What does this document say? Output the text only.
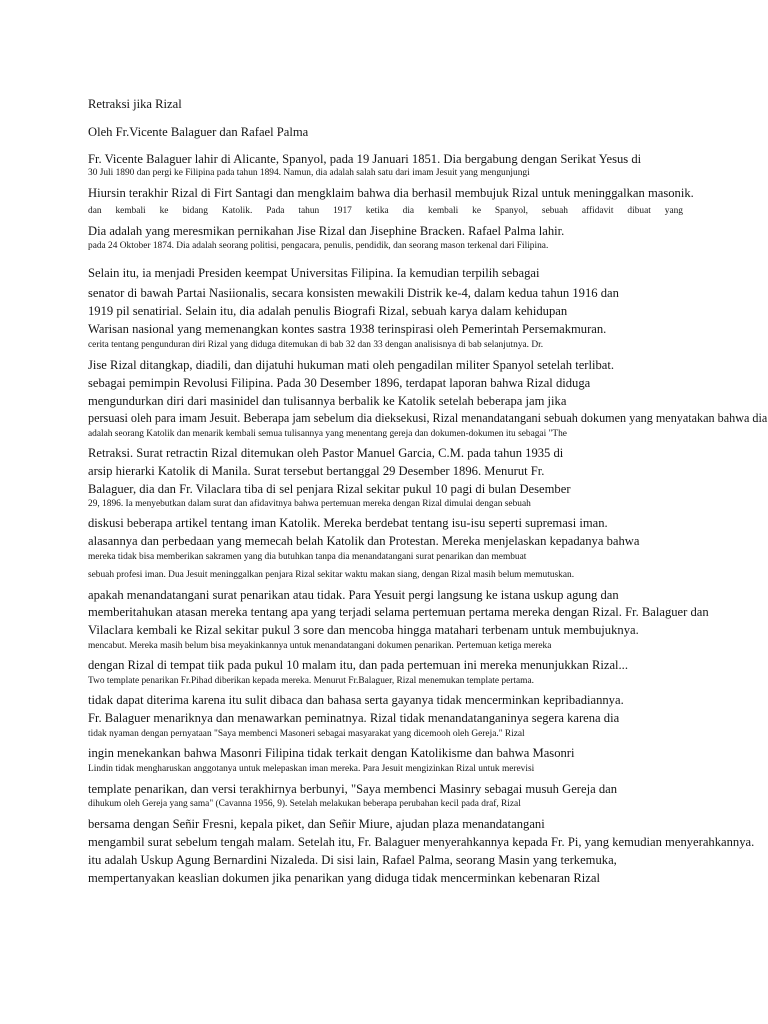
Retraksi jika Rizal
Oleh Fr.Vicente Balaguer dan Rafael Palma
Fr. Vicente Balaguer lahir di Alicante, Spanyol, pada 19 Januari 1851. Dia bergabung dengan Serikat Yesus di
30 Juli 1890 dan pergi ke Filipina pada tahun 1894. Namun, dia adalah salah satu dari imam Jesuit yang mengunjungi
Hiursin terakhir Rizal di Firt Santagi dan mengklaim bahwa dia berhasil membujuk Rizal untuk meninggalkan masonik.
dan kembali ke bidang Katolik. Pada tahun 1917 ketika dia kembali ke Spanyol, sebuah affidavit dibuat yang
Dia adalah yang meresmikan pernikahan Jise Rizal dan Jisephine Bracken. Rafael Palma lahir.
pada 24 Oktober 1874. Dia adalah seorang politisi, pengacara, penulis, pendidik, dan seorang mason terkenal dari Filipina.
Selain itu, ia menjadi Presiden keempat Universitas Filipina. Ia kemudian terpilih sebagai
senator di bawah Partai Nasiionalis, secara konsisten mewakili Distrik ke-4, dalam kedua tahun 1916 dan
1919 pil senatirial. Selain itu, dia adalah penulis Biografi Rizal, sebuah karya dalam kehidupan
Warisan nasional yang memenangkan kontes sastra 1938 terinspirasi oleh Pemerintah Persemakmuran.
cerita tentang pengunduran diri Rizal yang diduga ditemukan di bab 32 dan 33 dengan analisisnya di bab selanjutnya. Dr.
Jise Rizal ditangkap, diadili, dan dijatuhi hukuman mati oleh pengadilan militer Spanyol setelah terlibat.
sebagai pemimpin Revolusi Filipina. Pada 30 Desember 1896, terdapat laporan bahwa Rizal diduga
mengundurkan diri dari masinidel dan tulisannya berbalik ke Katolik setelah beberapa jam jika
persuasi oleh para imam Jesuit. Beberapa jam sebelum dia dieksekusi, Rizal menandatangani sebuah dokumen yang menyatakan bahwa dia
adalah seorang Katolik dan menarik kembali semua tulisannya yang menentang gereja dan dokumen-dokumen itu sebagai "The
Retraksi. Surat retractin Rizal ditemukan oleh Pastor Manuel Garcia, C.M. pada tahun 1935 di
arsip hierarki Katolik di Manila. Surat tersebut bertanggal 29 Desember 1896. Menurut Fr.
Balaguer, dia dan Fr. Vilaclara tiba di sel penjara Rizal sekitar pukul 10 pagi di bulan Desember
29, 1896. Ia menyebutkan dalam surat dan afidavitnya bahwa pertemuan mereka dengan Rizal dimulai dengan sebuah
diskusi beberapa artikel tentang iman Katolik. Mereka berdebat tentang isu-isu seperti supremasi iman.
alasannya dan perbedaan yang memecah belah Katolik dan Protestan. Mereka menjelaskan kepadanya bahwa
mereka tidak bisa memberikan sakramen yang dia butuhkan tanpa dia menandatangani surat penarikan dan membuat
sebuah profesi iman. Dua Jesuit meninggalkan penjara Rizal sekitar waktu makan siang, dengan Rizal masih belum memutuskan.
apakah menandatangani surat penarikan atau tidak. Para Yesuit pergi langsung ke istana uskup agung dan
memberitahukan atasan mereka tentang apa yang terjadi selama pertemuan pertama mereka dengan Rizal. Fr. Balaguer dan
Vilaclara kembali ke Rizal sekitar pukul 3 sore dan mencoba hingga matahari terbenam untuk membujuknya.
mencabut. Mereka masih belum bisa meyakinkannya untuk menandatangani dokumen penarikan. Pertemuan ketiga mereka
dengan Rizal di tempat tiik pada pukul 10 malam itu, dan pada pertemuan ini mereka menunjukkan Rizal...
Two template penarikan Fr.Pihad diberikan kepada mereka. Menurut Fr.Balaguer, Rizal menemukan template pertama.
tidak dapat diterima karena itu sulit dibaca dan bahasa serta gayanya tidak mencerminkan kepribadiannya.
Fr. Balaguer menariknya dan menawarkan peminatnya. Rizal tidak menandatanganinya segera karena dia
tidak nyaman dengan pernyataan "Saya membenci Masoneri sebagai masyarakat yang dicemooh oleh Gereja." Rizal
ingin menekankan bahwa Masonri Filipina tidak terkait dengan Katolikisme dan bahwa Masonri
Lindin tidak mengharuskan anggotanya untuk melepaskan iman mereka. Para Jesuit mengizinkan Rizal untuk merevisi
template penarikan, dan versi terakhirnya berbunyi, "Saya membenci Masinry sebagai musuh Gereja dan
dihukum oleh Gereja yang sama" (Cavanna 1956, 9). Setelah melakukan beberapa perubahan kecil pada draf, Rizal
bersama dengan Señir Fresni, kepala piket, dan Señir Miure, ajudan plaza menandatangani
mengambil surat sebelum tengah malam. Setelah itu, Fr. Balaguer menyerahkannya kepada Fr. Pi, yang kemudian menyerahkannya.
itu adalah Uskup Agung Bernardini Nizaleda. Di sisi lain, Rafael Palma, seorang Masin yang terkemuka,
mempertanyakan keaslian dokumen jika penarikan yang diduga tidak mencerminkan kebenaran Rizal
